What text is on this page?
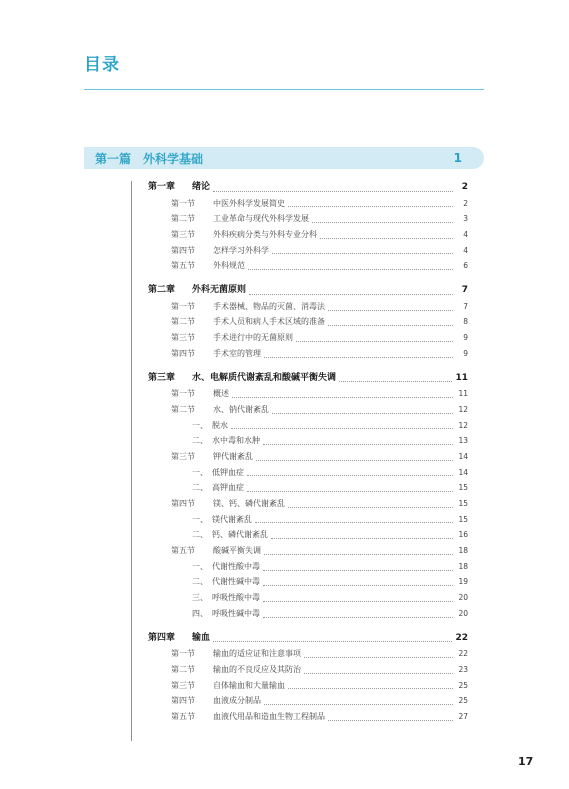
目录
第一篇 外科学基础	1
第一章	绪论	2
第一节	中医外科学发展简史	2
第二节	工业革命与现代外科学发展	3
第三节	外科疾病分类与外科专业分科	4
第四节	怎样学习外科学	4
第五节	外科规范	6
第二章	外科无菌原则	7
第一节	手术器械、物品的灭菌、消毒法	7
第二节	手术人员和病人手术区域的准备	8
第三节	手术进行中的无菌原则	9
第四节	手术室的管理	9
第三章	水、电解质代谢紊乱和酸碱平衡失调	11
第一节	概述	11
第二节	水、钠代谢紊乱	12
一、 脱水	12
二、 水中毒和水肿	13
第三节	钾代谢紊乱	14
一、 低钾血症	14
二、 高钾血症	15
第四节	镁、钙、磷代谢紊乱	15
一、 镁代谢紊乱	15
二、 钙、磷代谢紊乱	16
第五节	酸碱平衡失调	18
一、 代谢性酸中毒	18
二、 代谢性碱中毒	19
三、 呼吸性酸中毒	20
四、 呼吸性碱中毒	20
第四章	输血	22
第一节	输血的适应证和注意事项	22
第二节	输血的不良反应及其防治	23
第三节	自体输血和大量输血	25
第四节	血液成分制品	25
第五节	血液代用品和造血生物工程制品	27
17
